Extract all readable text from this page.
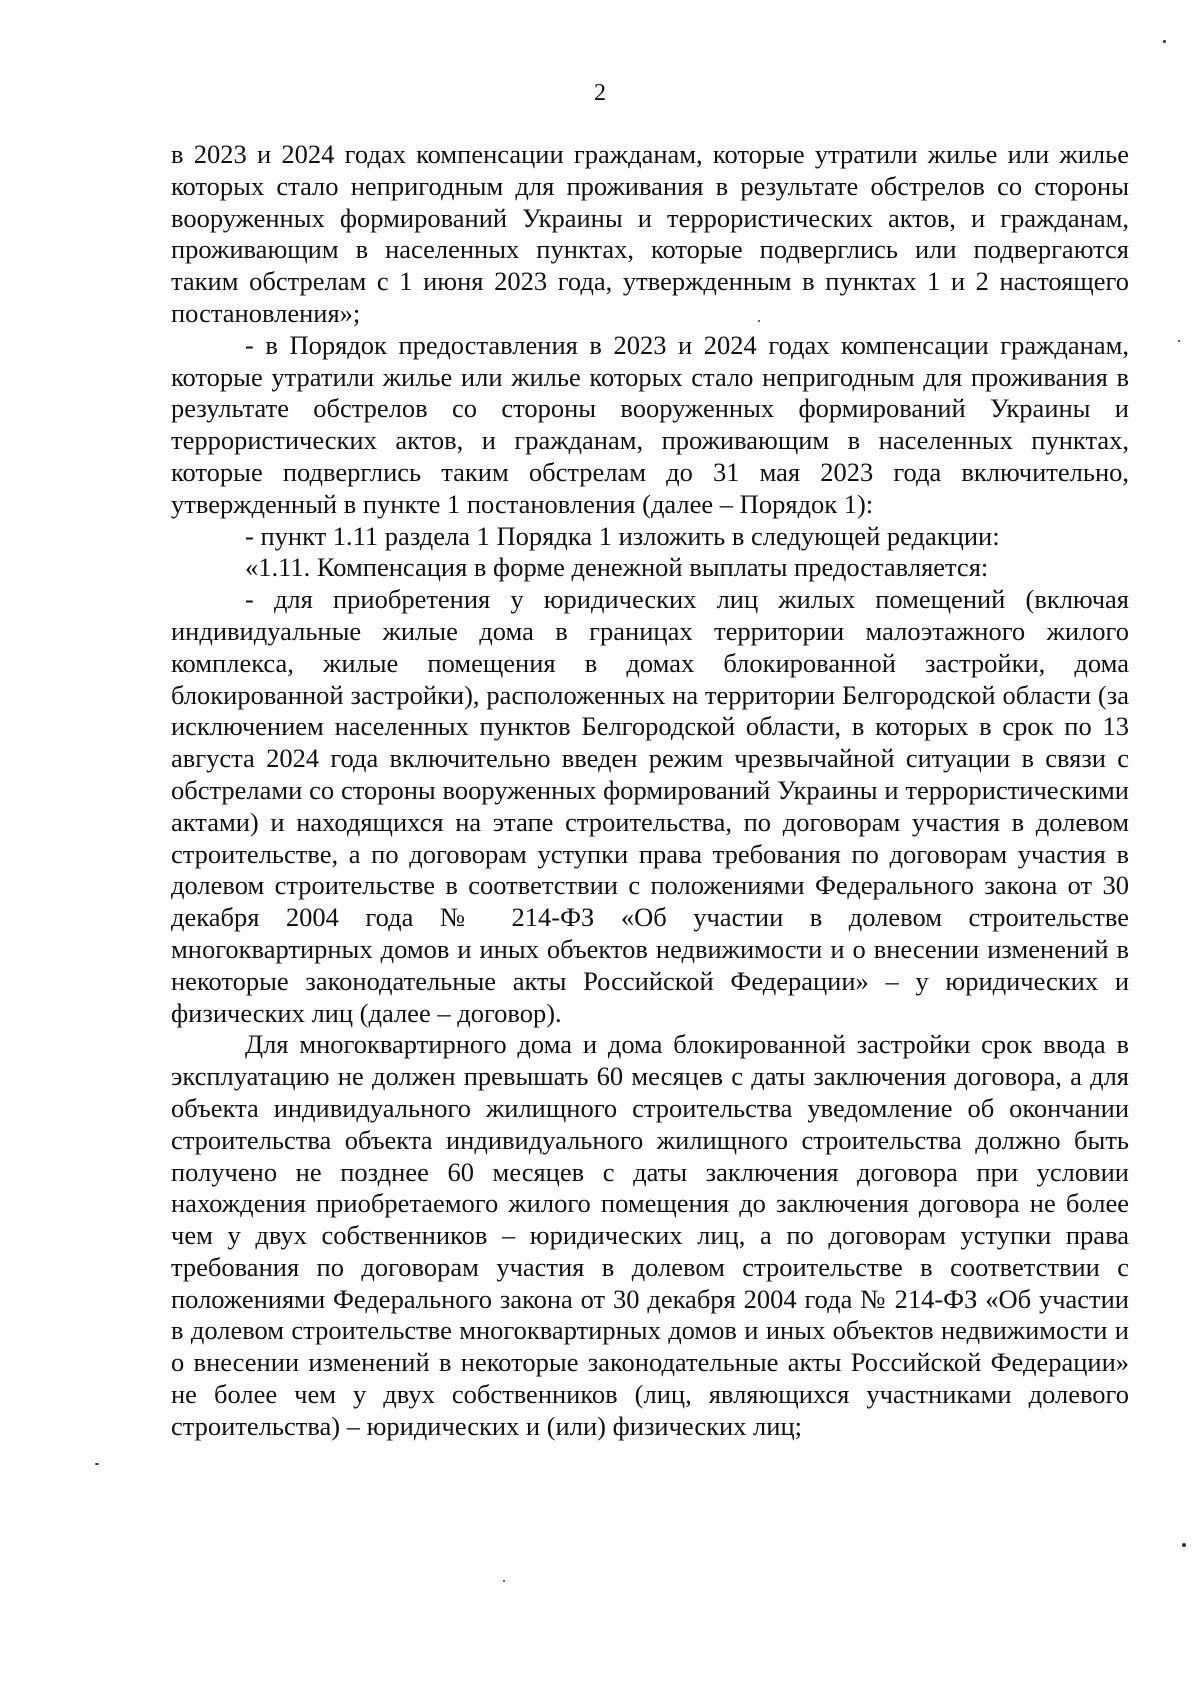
2

в 2023 и 2024 годах компенсации гражданам, которые утратили жилье или жилье которых стало непригодным для проживания в результате обстрелов со стороны вооруженных формирований Украины и террористических актов, и гражданам, проживающим в населенных пунктах, которые подверглись или подвергаются таким обстрелам с 1 июня 2023 года, утвержденным в пунктах 1 и 2 настоящего постановления»;

- в Порядок предоставления в 2023 и 2024 годах компенсации гражданам, которые утратили жилье или жилье которых стало непригодным для проживания в результате обстрелов со стороны вооруженных формирований Украины и террористических актов, и гражданам, проживающим в населенных пунктах, которые подверглись таким обстрелам до 31 мая 2023 года включительно, утвержденный в пункте 1 постановления (далее – Порядок 1):

- пункт 1.11 раздела 1 Порядка 1 изложить в следующей редакции:

«1.11. Компенсация в форме денежной выплаты предоставляется:

- для приобретения у юридических лиц жилых помещений (включая индивидуальные жилые дома в границах территории малоэтажного жилого комплекса, жилые помещения в домах блокированной застройки, дома блокированной застройки), расположенных на территории Белгородской области (за исключением населенных пунктов Белгородской области, в которых в срок по 13 августа 2024 года включительно введен режим чрезвычайной ситуации в связи с обстрелами со стороны вооруженных формирований Украины и террористическими актами) и находящихся на этапе строительства, по договорам участия в долевом строительстве, а по договорам уступки права требования по договорам участия в долевом строительстве в соответствии с положениями Федерального закона от 30 декабря 2004 года № 214-ФЗ «Об участии в долевом строительстве многоквартирных домов и иных объектов недвижимости и о внесении изменений в некоторые законодательные акты Российской Федерации» – у юридических и физических лиц (далее – договор).

Для многоквартирного дома и дома блокированной застройки срок ввода в эксплуатацию не должен превышать 60 месяцев с даты заключения договора, а для объекта индивидуального жилищного строительства уведомление об окончании строительства объекта индивидуального жилищного строительства должно быть получено не позднее 60 месяцев с даты заключения договора при условии нахождения приобретаемого жилого помещения до заключения договора не более чем у двух собственников – юридических лиц, а по договорам уступки права требования по договорам участия в долевом строительстве в соответствии с положениями Федерального закона от 30 декабря 2004 года № 214-ФЗ «Об участии в долевом строительстве многоквартирных домов и иных объектов недвижимости и о внесении изменений в некоторые законодательные акты Российской Федерации» не более чем у двух собственников (лиц, являющихся участниками долевого строительства) – юридических и (или) физических лиц;
